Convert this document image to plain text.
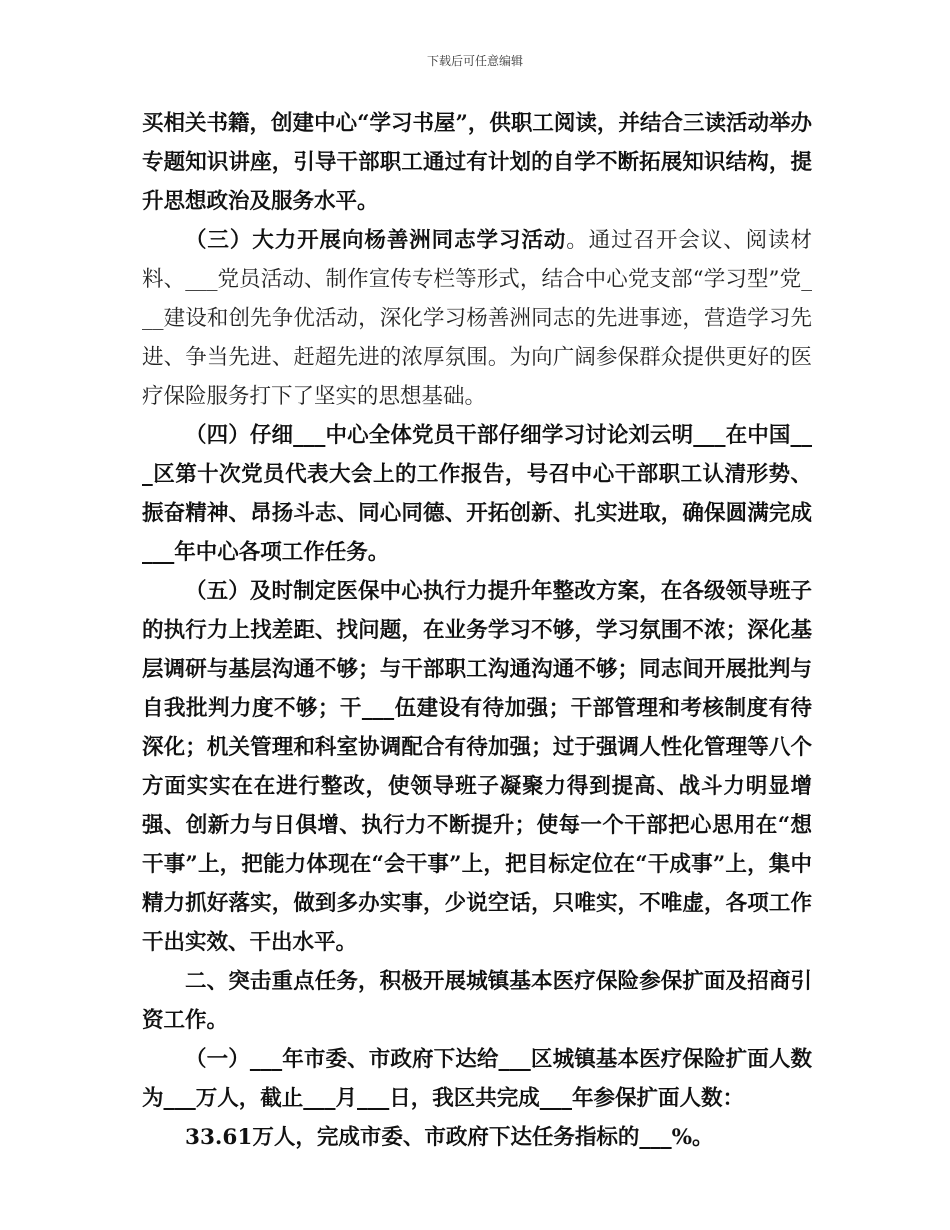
下载后可任意编辑

买相关书籍，创建中心“学习书屋”，供职工阅读，并结合三读活动举办专题知识讲座，引导干部职工通过有计划的自学不断拓展知识结构，提升思想政治及服务水平。

（三）大力开展向杨善洲同志学习活动。通过召开会议、阅读材料、___党员活动、制作宣传专栏等形式，结合中心党支部“学习型”党___建设和创先争优活动，深化学习杨善洲同志的先进事迹，营造学习先进、争当先进、赶超先进的浓厚氛围。为向广阔参保群众提供更好的医疗保险服务打下了坚实的思想基础。

（四）仔细___中心全体党员干部仔细学习讨论刘云明___在中国___区第十次党员代表大会上的工作报告，号召中心干部职工认清形势、振奋精神、昂扬斗志、同心同德、开拓创新、扎实进取，确保圆满完成___年中心各项工作任务。

（五）及时制定医保中心执行力提升年整改方案，在各级领导班子的执行力上找差距、找问题，在业务学习不够，学习氛围不浓；深化基层调研与基层沟通不够；与干部职工沟通沟通不够；同志间开展批判与自我批判力度不够；干___伍建设有待加强；干部管理和考核制度有待深化；机关管理和科室协调配合有待加强；过于强调人性化管理等八个方面实实在在进行整改，使领导班子凝聚力得到提高、战斗力明显增强、创新力与日俱增、执行力不断提升；使每一个干部把心思用在“想干事”上，把能力体现在“会干事”上，把目标定位在“干成事”上，集中精力抓好落实，做到多办实事，少说空话，只唯实，不唯虚，各项工作干出实效、干出水平。

二、突击重点任务，积极开展城镇基本医疗保险参保扩面及招商引资工作。

（一）___年市委、市政府下达给___区城镇基本医疗保险扩面人数为___万人，截止___月___日，我区共完成___年参保扩面人数：

33.61万人，完成市委、市政府下达任务指标的___%。
